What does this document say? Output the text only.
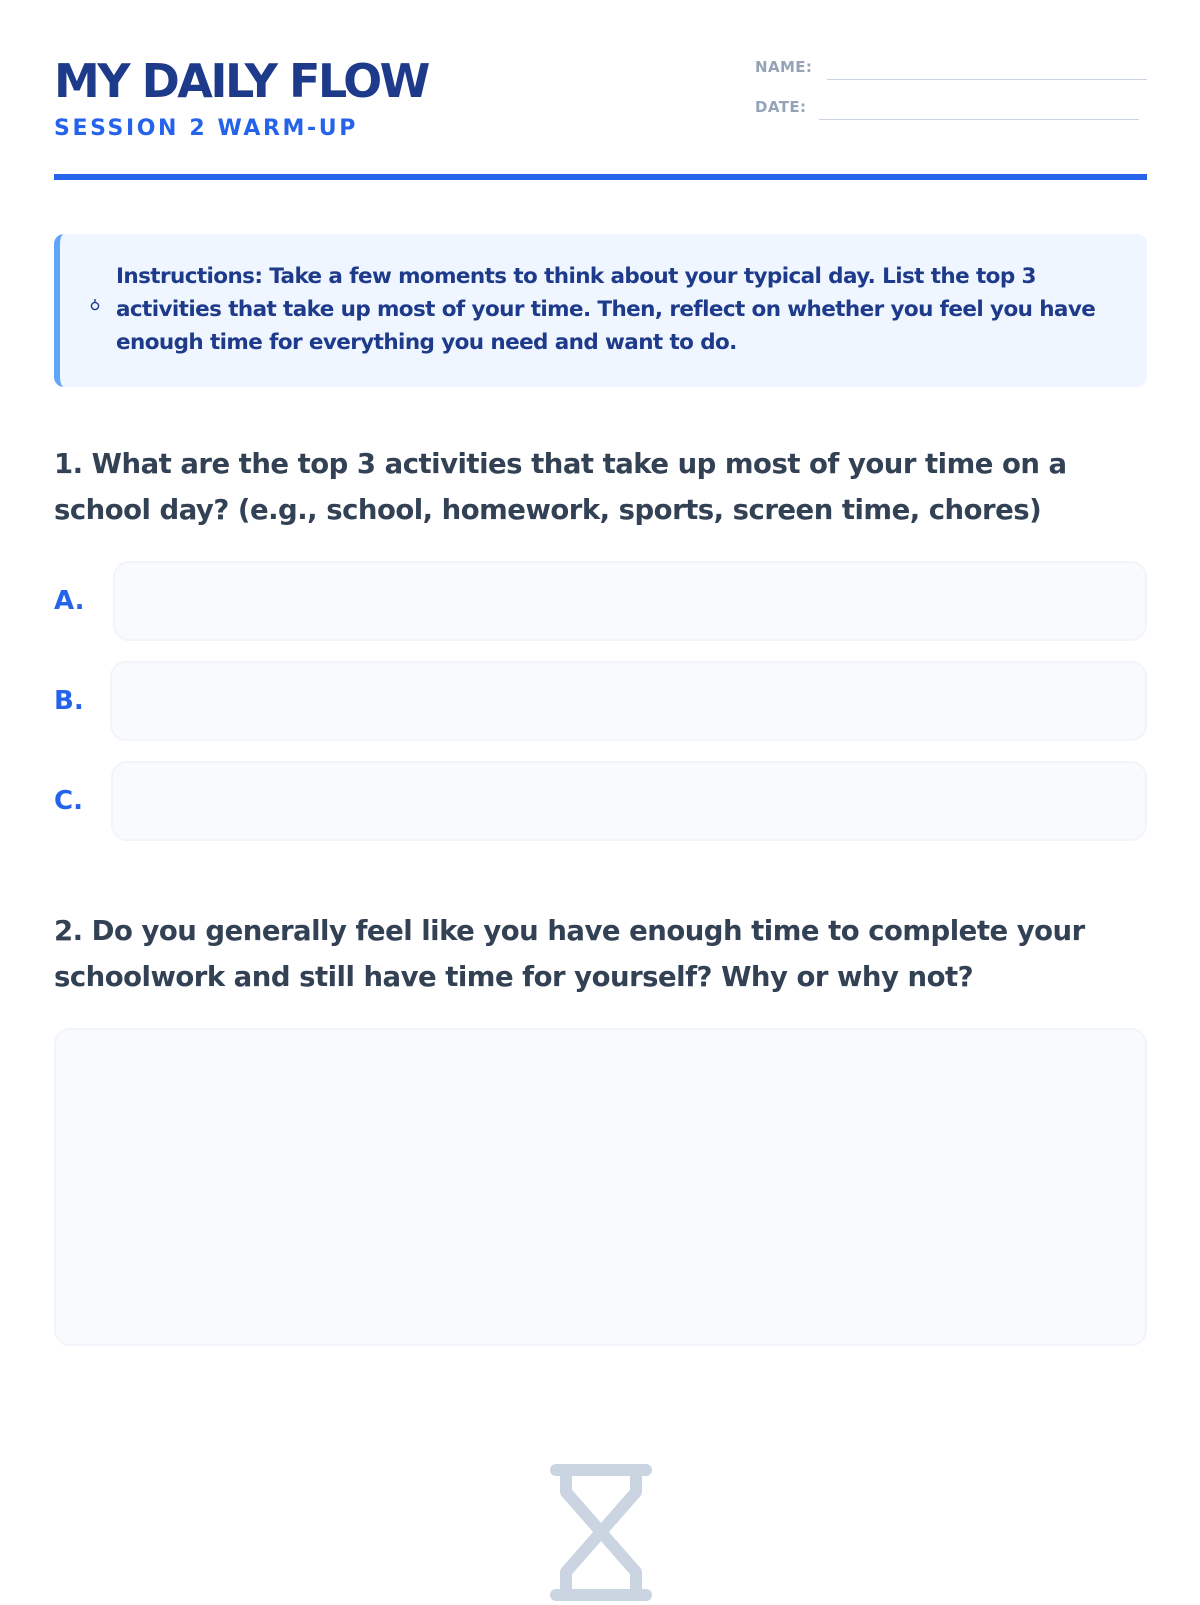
MY DAILY FLOW
SESSION 2 WARM-UP
NAME:
DATE:
Instructions: Take a few moments to think about your typical day. List the top 3 activities that take up most of your time. Then, reflect on whether you feel you have enough time for everything you need and want to do.

1. What are the top 3 activities that take up most of your time on a school day? (e.g., school, homework, sports, screen time, chores)

A.
B.
C.

2. Do you generally feel like you have enough time to complete your schoolwork and still have time for yourself? Why or why not?
